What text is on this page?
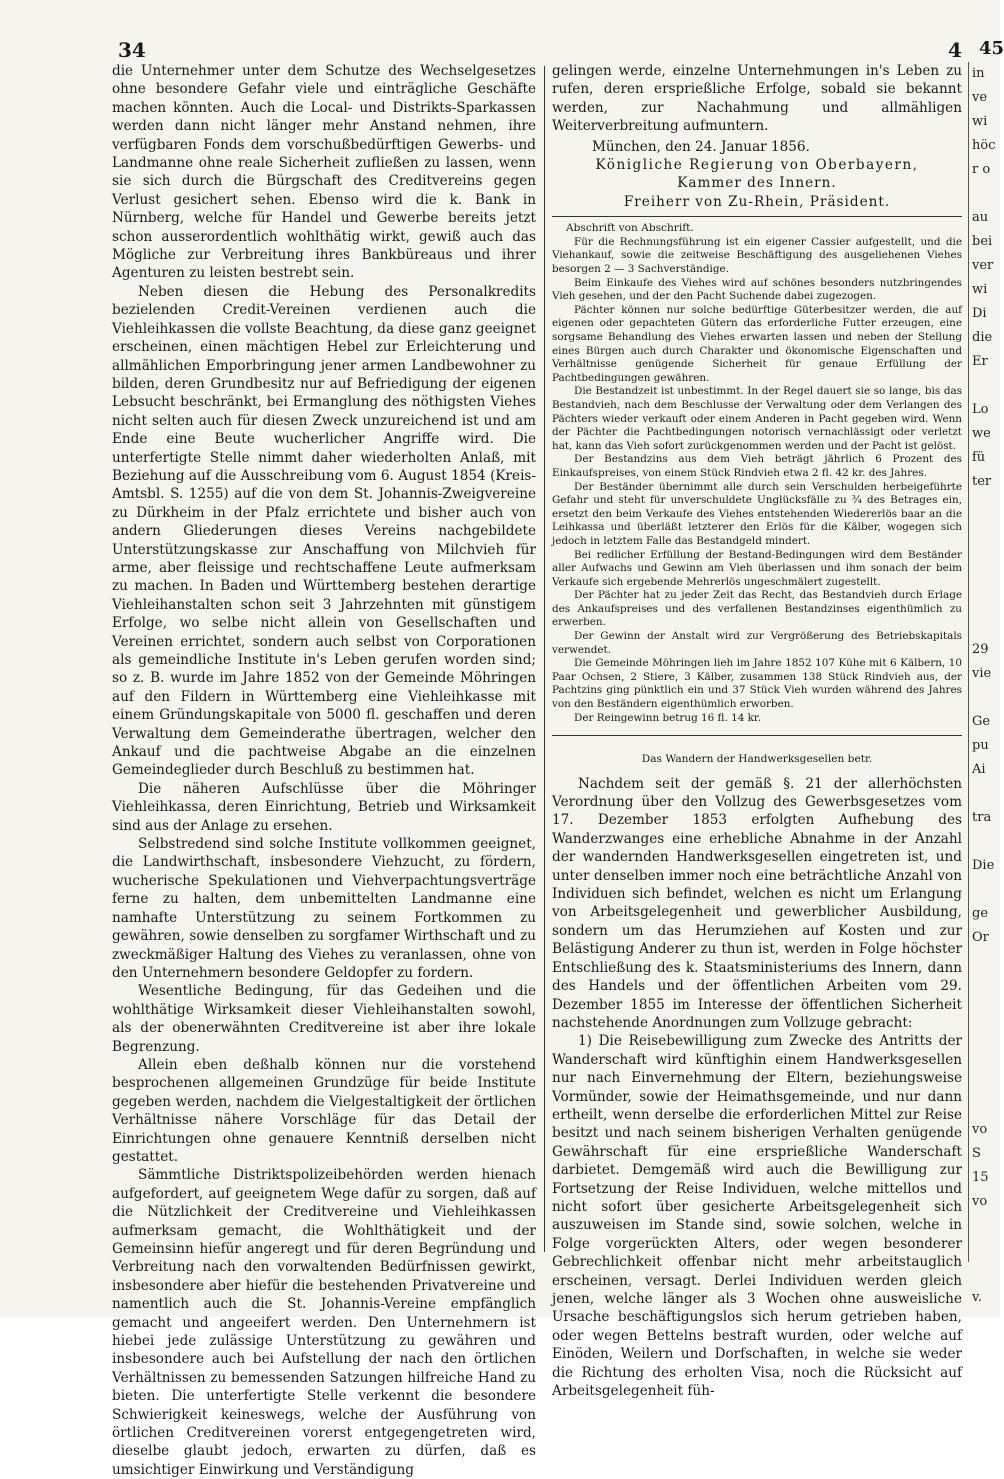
34	4 45

die Unternehmer unter dem Schutze des Wechselgesetzes ohne besondere Gefahr viele und einträgliche Geschäfte machen könnten. Auch die Local- und Distrikts-Sparkassen werden dann nicht länger mehr Anstand nehmen, ihre verfügbaren Fonds dem vorschußbedürftigen Gewerbs- und Landmanne ohne reale Sicherheit zufließen zu lassen, wenn sie sich durch die Bürgschaft des Creditvereins gegen Verlust gesichert sehen. Ebenso wird die k. Bank in Nürnberg, welche für Handel und Gewerbe bereits jetzt schon ausserordentlich wohlthätig wirkt, gewiß auch das Mögliche zur Verbreitung ihres Bankbüreaus und ihrer Agenturen zu leisten bestrebt sein.

Neben diesen die Hebung des Personalkredits bezielenden Credit-Vereinen verdienen auch die Viehleihkassen die vollste Beachtung, da diese ganz geeignet erscheinen, einen mächtigen Hebel zur Erleichterung und allmählichen Emporbringung jener armen Landbewohner zu bilden, deren Grundbesitz nur auf Befriedigung der eigenen Lebsucht beschränkt, bei Ermanglung des nöthigsten Viehes nicht selten auch für diesen Zweck unzureichend ist und am Ende eine Beute wucherlicher Angriffe wird. Die unterfertigte Stelle nimmt daher wiederholten Anlaß, mit Beziehung auf die Ausschreibung vom 6. August 1854 (Kreis-Amtsbl. S. 1255) auf die von dem St. Johannis-Zweigvereine zu Dürkheim in der Pfalz errichtete und bisher auch von andern Gliederungen dieses Vereins nachgebildete Unterstützungskasse zur Anschaffung von Milchvieh für arme, aber fleissige und rechtschaffene Leute aufmerksam zu machen. In Baden und Württemberg bestehen derartige Viehleihanstalten schon seit 3 Jahrzehnten mit günstigem Erfolge, wo selbe nicht allein von Gesellschaften und Vereinen errichtet, sondern auch selbst von Corporationen als gemeindliche Institute in's Leben gerufen worden sind; so z. B. wurde im Jahre 1852 von der Gemeinde Möhringen auf den Fildern in Württemberg eine Viehleihkasse mit einem Gründungskapitale von 5000 fl. geschaffen und deren Verwaltung dem Gemeinderathe übertragen, welcher den Ankauf und die pachtweise Abgabe an die einzelnen Gemeindeglieder durch Beschluß zu bestimmen hat.

Die näheren Aufschlüsse über die Möhringer Viehleihkassa, deren Einrichtung, Betrieb und Wirksamkeit sind aus der Anlage zu ersehen.

Selbstredend sind solche Institute vollkommen geeignet, die Landwirthschaft, insbesondere Viehzucht, zu fördern, wucherische Spekulationen und Viehverpachtungsverträge ferne zu halten, dem unbemittelten Landmanne eine namhafte Unterstützung zu seinem Fortkommen zu gewähren, sowie denselben zu sorgfamer Wirthschaft und zu zweckmäßiger Haltung des Viehes zu veranlassen, ohne von den Unternehmern besondere Geldopfer zu fordern.

Wesentliche Bedingung, für das Gedeihen und die wohlthätige Wirksamkeit dieser Viehleihanstalten sowohl, als der obenerwähnten Creditvereine ist aber ihre lokale Begrenzung.

Allein eben deßhalb können nur die vorstehend besprochenen allgemeinen Grundzüge für beide Institute gegeben werden, nachdem die Vielgestaltigkeit der örtlichen Verhältnisse nähere Vorschläge für das Detail der Einrichtungen ohne genauere Kenntniß derselben nicht gestattet.

Sämmtliche Distriktspolizeibehörden werden hienach aufgefordert, auf geeignetem Wege dafür zu sorgen, daß auf die Nützlichkeit der Creditvereine und Viehleihkassen aufmerksam gemacht, die Wohlthätigkeit und der Gemeinsinn hiefür angeregt und für deren Begründung und Verbreitung nach den vorwaltenden Bedürfnissen gewirkt, insbesondere aber hiefür die bestehenden Privatvereine und namentlich auch die St. Johannis-Vereine empfänglich gemacht und angeeifert werden. Den Unternehmern ist hiebei jede zulässige Unterstützung zu gewähren und insbesondere auch bei Aufstellung der nach den örtlichen Verhältnissen zu bemessenden Satzungen hilfreiche Hand zu bieten. Die unterfertigte Stelle verkennt die besondere Schwierigkeit keineswegs, welche der Ausführung von örtlichen Creditvereinen vorerst entgegengetreten wird, dieselbe glaubt jedoch, erwarten zu dürfen, daß es umsichtiger Einwirkung und Verständigung

gelingen werde, einzelne Unternehmungen in's Leben zu rufen, deren ersprießliche Erfolge, sobald sie bekannt werden, zur Nachahmung und allmähligen Weiterverbreitung aufmuntern.

München, den 24. Januar 1856.

Königliche Regierung von Oberbayern,

Kammer des Innern.

Freiherr von Zu-Rhein, Präsident.

Abschrift von Abschrift.

Für die Rechnungsführung ist ein eigener Cassier aufgestellt, und die Viehankauf, sowie die zeitweise Beschäftigung des ausgeliehenen Viehes besorgen 2 — 3 Sachverständige.

Beim Einkaufe des Viehes wird auf schönes besonders nutzbringendes Vieh gesehen, und der den Pacht Suchende dabei zugezogen.

Pächter können nur solche bedürftige Güterbesitzer werden, die auf eigenen oder gepachteten Gütern das erforderliche Futter erzeugen, eine sorgsame Behandlung des Viehes erwarten lassen und neben der Stellung eines Bürgen auch durch Charakter und ökonomische Eigenschaften und Verhältnisse genügende Sicherheit für genaue Erfüllung der Pachtbedingungen gewähren.

Die Bestandzeit ist unbestimmt. In der Regel dauert sie so lange, bis das Bestandvieh, nach dem Beschlusse der Verwaltung oder dem Verlangen des Pächters wieder verkauft oder einem Anderen in Pacht gegeben wird. Wenn der Pächter die Pachtbedingungen notorisch vernachlässigt oder verletzt hat, kann das Vieh sofort zurückgenommen werden und der Pacht ist gelöst.

Der Bestandzins aus dem Vieh beträgt jährlich 6 Prozent des Einkaufspreises, von einem Stück Rindvieh etwa 2 fl. 42 kr. des Jahres.

Der Beständer übernimmt alle durch sein Verschulden herbeigeführte Gefahr und steht für unverschuldete Unglücksfälle zu ¾ des Betrages ein, ersetzt den beim Verkaufe des Viehes entstehenden Wiedererlös baar an die Leihkassa und überläßt letzterer den Erlös für die Kälber, wogegen sich jedoch in letztem Falle das Bestandgeld mindert.

Bei redlicher Erfüllung der Bestand-Bedingungen wird dem Beständer aller Aufwachs und Gewinn am Vieh überlassen und ihm sonach der beim Verkaufe sich ergebende Mehrerlös ungeschmälert zugestellt.

Der Pächter hat zu jeder Zeit das Recht, das Bestandvieh durch Erlage des Ankaufspreises und des verfallenen Bestandzinses eigenthümlich zu erwerben.

Der Gewinn der Anstalt wird zur Vergrößerung des Betriebskapitals verwendet.

Die Gemeinde Möhringen lieh im Jahre 1852 107 Kühe mit 6 Kälbern, 10 Paar Ochsen, 2 Stiere, 3 Kälber, zusammen 138 Stück Rindvieh aus, der Pachtzins ging pünktlich ein und 37 Stück Vieh wurden während des Jahres von den Beständern eigenthümlich erworben.

Der Reingewinn betrug 16 fl. 14 kr.

Das Wandern der Handwerksgesellen betr.

Nachdem seit der gemäß §. 21 der allerhöchsten Verordnung über den Vollzug des Gewerbsgesetzes vom 17. Dezember 1853 erfolgten Aufhebung des Wanderzwanges eine erhebliche Abnahme in der Anzahl der wandernden Handwerksgesellen eingetreten ist, und unter denselben immer noch eine beträchtliche Anzahl von Individuen sich befindet, welchen es nicht um Erlangung von Arbeitsgelegenheit und gewerblicher Ausbildung, sondern um das Herumziehen auf Kosten und zur Belästigung Anderer zu thun ist, werden in Folge höchster Entschließung des k. Staatsministeriums des Innern, dann des Handels und der öffentlichen Arbeiten vom 29. Dezember 1855 im Interesse der öffentlichen Sicherheit nachstehende Anordnungen zum Vollzuge gebracht:

1) Die Reisebewilligung zum Zwecke des Antritts der Wanderschaft wird künftighin einem Handwerksgesellen nur nach Einvernehmung der Eltern, beziehungsweise Vormünder, sowie der Heimathsgemeinde, und nur dann ertheilt, wenn derselbe die erforderlichen Mittel zur Reise besitzt und nach seinem bisherigen Verhalten genügende Gewährschaft für eine ersprießliche Wanderschaft darbietet. Demgemäß wird auch die Bewilligung zur Fortsetzung der Reise Individuen, welche mittellos und nicht sofort über gesicherte Arbeitsgelegenheit sich auszuweisen im Stande sind, sowie solchen, welche in Folge vorgerückten Alters, oder wegen besonderer Gebrechlichkeit offenbar nicht mehr arbeitstauglich erscheinen, versagt. Derlei Individuen werden gleich jenen, welche länger als 3 Wochen ohne ausweisliche Ursache beschäftigungslos sich herum getrieben haben, oder wegen Bettelns bestraft wurden, oder welche auf Einöden, Weilern und Dorfschaften, in welche sie weder die Richtung des erholten Visa, noch die Rücksicht auf Arbeitsgelegenheit füh-

in
ve
wi
höc
r o
au
bei
ver
wi
Di
die
Er
Lo
we
fü
ter
29
vie
Ge
pu
Ai
tra
Die
ge
Or
vo
S
15
vo
v.
